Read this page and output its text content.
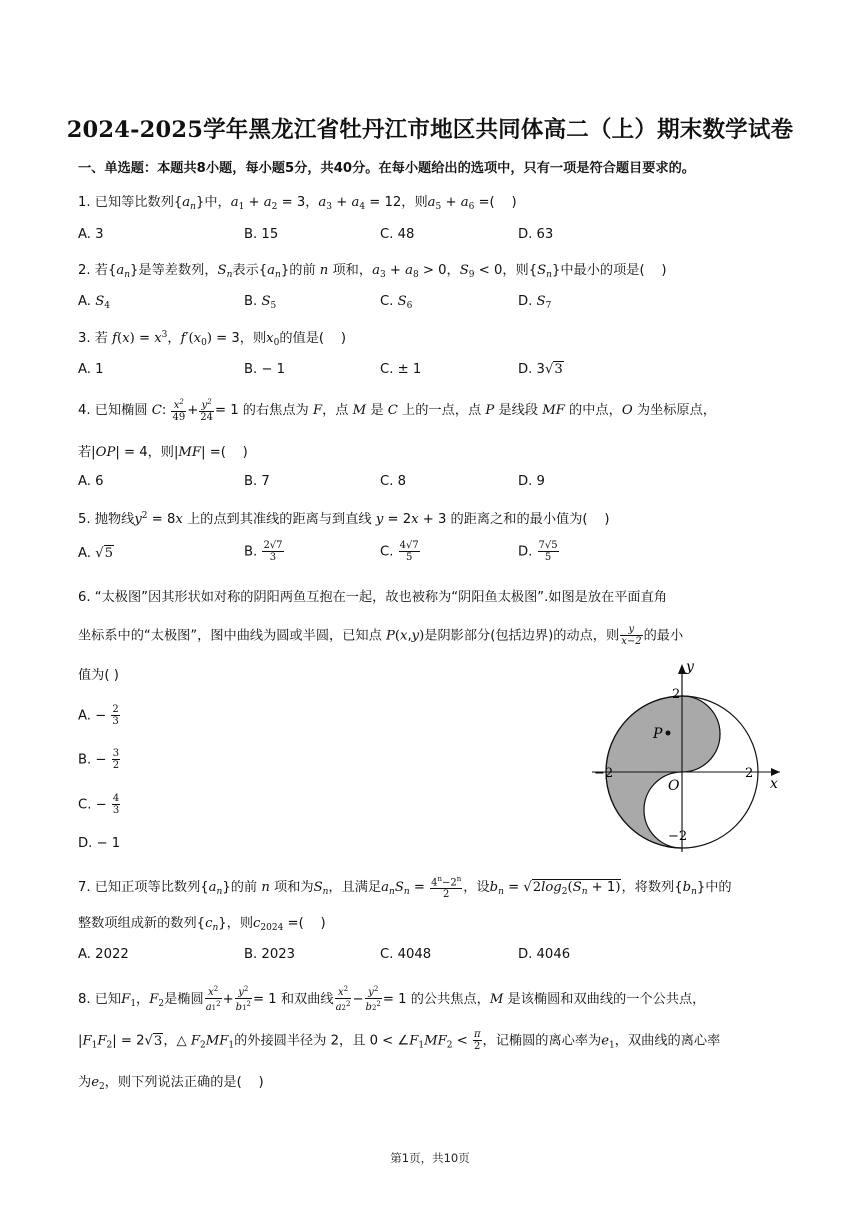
2024-2025学年黑龙江省牡丹江市地区共同体高二（上）期末数学试卷
一、单选题：本题共8小题，每小题5分，共40分。在每小题给出的选项中，只有一项是符合题目要求的。
1. 已知等比数列$\{a_n\}$中，$a_1 + a_2 = 3$，$a_3 + a_4 = 12$，则$a_5 + a_6$ =(    )
A. 3	B. 15	C. 48	D. 63
2. 若$\{a_n\}$是等差数列，$S_n$表示$\{a_n\}$的前 n 项和，$a_3 + a_8 > 0$，$S_9 < 0$，则$\{S_n\}$中最小的项是(    )
A. $S_4$	B. $S_5$	C. $S_6$	D. $S_7$
3. 若 $f(x) = x^3$，$f'(x_0) = 3$，则$x_0$的值是(    )
A. 1	B. − 1	C. ± 1	D. 3√3
4. 已知椭圆 C: $\frac{x^2}{49} + \frac{y^2}{24} = 1$ 的右焦点为 F，点 M 是 C 上的一点，点 P 是线段 MF 的中点，O 为坐标原点，
若|OP| = 4，则|MF| =(    )
A. 6	B. 7	C. 8	D. 9
5. 抛物线$y^2 = 8x$ 上的点到其准线的距离与到直线 y = 2x + 3 的距离之和的最小值为(    )
A. √5	B. $\frac{2√7}{3}$	C. $\frac{4√7}{5}$	D. $\frac{7√5}{5}$
6. “太极图”因其形状如对称的阴阳两鱼互抱在一起，故也被称为“阴阳鱼太极图”.如图是放在平面直角
坐标系中的“太极图”，图中曲线为圆或半圆，已知点 P(x,y)是阴影部分(包括边界)的动点，则 $\frac{y}{x-2}$ 的最小
值为( )
A. − $\frac{2}{3}$
B. − $\frac{3}{2}$
C. − $\frac{4}{3}$
D. − 1
P
y
x
O
2
−2
2
−2
7. 已知正项等比数列$\{a_n\}$的前 n 项和为$S_n$，且满足$a_nS_n = \frac{4^n-2^n}{2}$ ，设$b_n = √2\log_2(S_n + 1)$，将数列$\{b_n\}$中的
整数项组成新的数列$\{c_n\}$，则$c_{2024}$ =(    )
A. 2022	B. 2023	C. 4048	D. 4046
8. 已知$F_1$，$F_2$是椭圆 $\frac{x^2}{a1^2} + \frac{y^2}{b1^2} = 1$ 和双曲线 $\frac{x^2}{a2^2} - \frac{y^2}{b2^2} = 1$ 的公共焦点，M 是该椭圆和双曲线的一个公共点，
$|F_1F_2| = 2√3$，△ $F_2MF_1$的外接圆半径为 2，且 $0 < \angle F_1MF_2 < \frac{\pi}{2}$ ，记椭圆的离心率为$e_1$，双曲线的离心率
为$e_2$，则下列说法正确的是(    )
第1页，共10页
